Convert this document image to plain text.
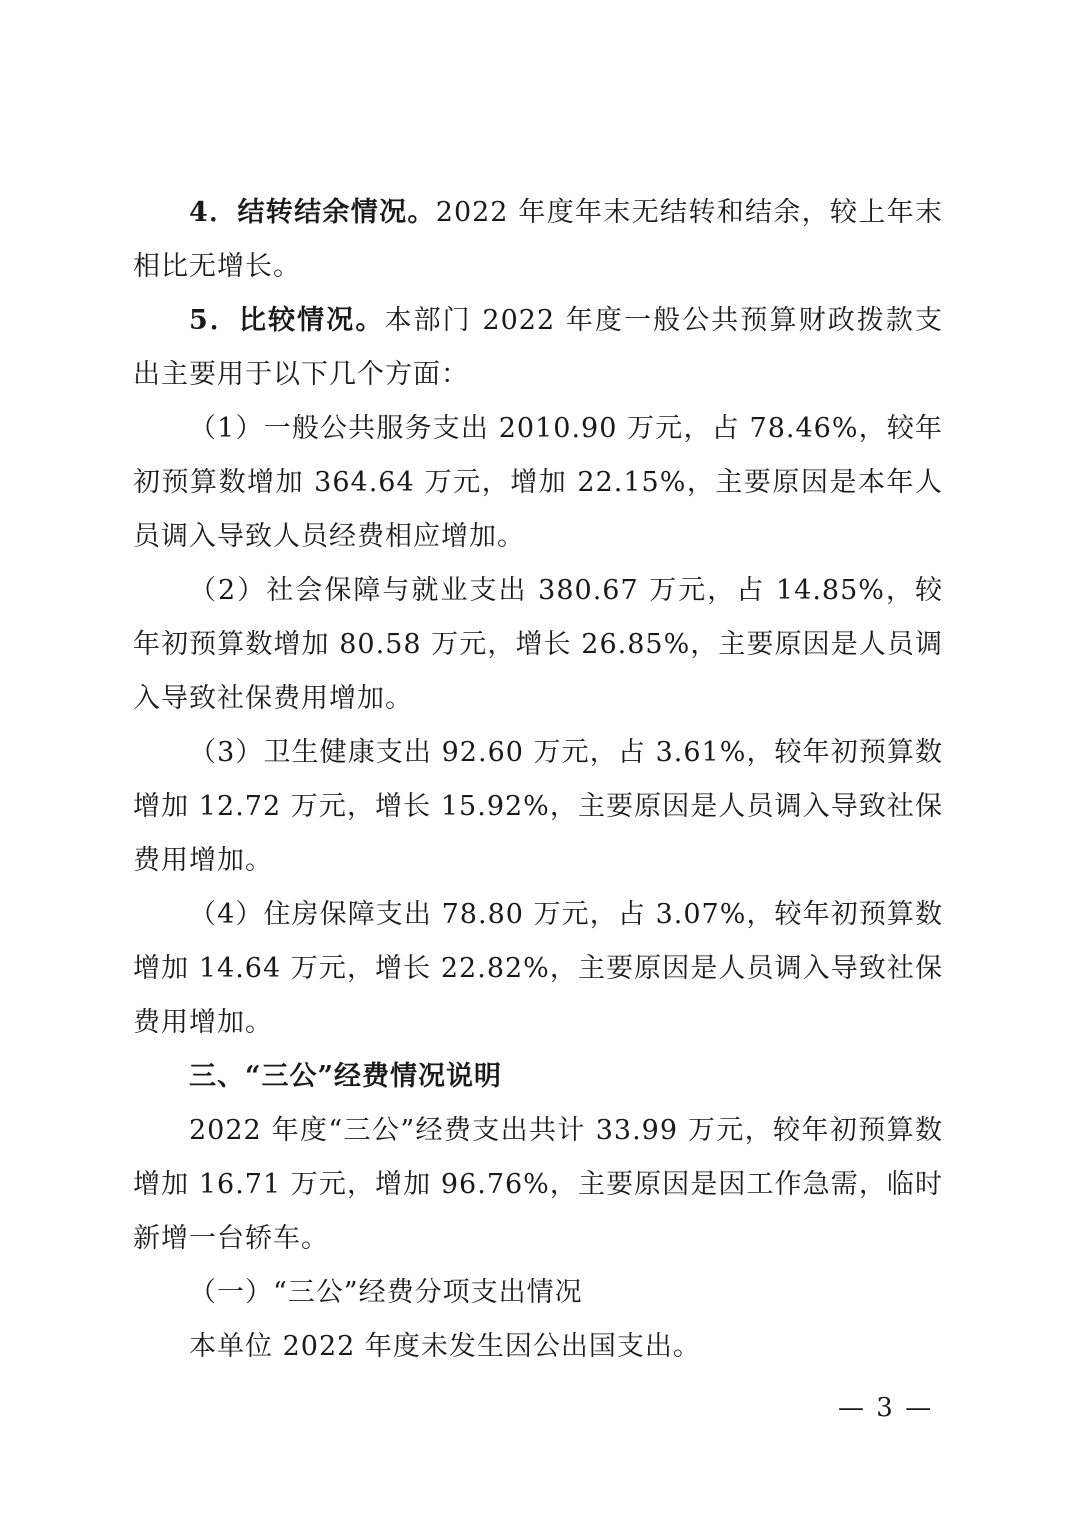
4．结转结余情况。2022 年度年末无结转和结余，较上年末相比无增长。

5．比较情况。本部门 2022 年度一般公共预算财政拨款支出主要用于以下几个方面：

（1）一般公共服务支出 2010.90 万元，占 78.46%，较年初预算数增加 364.64 万元，增加 22.15%，主要原因是本年人员调入导致人员经费相应增加。

（2）社会保障与就业支出 380.67 万元，占 14.85%，较年初预算数增加 80.58 万元，增长 26.85%，主要原因是人员调入导致社保费用增加。

（3）卫生健康支出 92.60 万元，占 3.61%，较年初预算数增加 12.72 万元，增长 15.92%，主要原因是人员调入导致社保费用增加。

（4）住房保障支出 78.80 万元，占 3.07%，较年初预算数增加 14.64 万元，增长 22.82%，主要原因是人员调入导致社保费用增加。

三、“三公”经费情况说明

2022 年度“三公”经费支出共计 33.99 万元，较年初预算数增加 16.71 万元，增加 96.76%，主要原因是因工作急需，临时新增一台轿车。

（一）“三公”经费分项支出情况

本单位 2022 年度未发生因公出国支出。

— 3 —
